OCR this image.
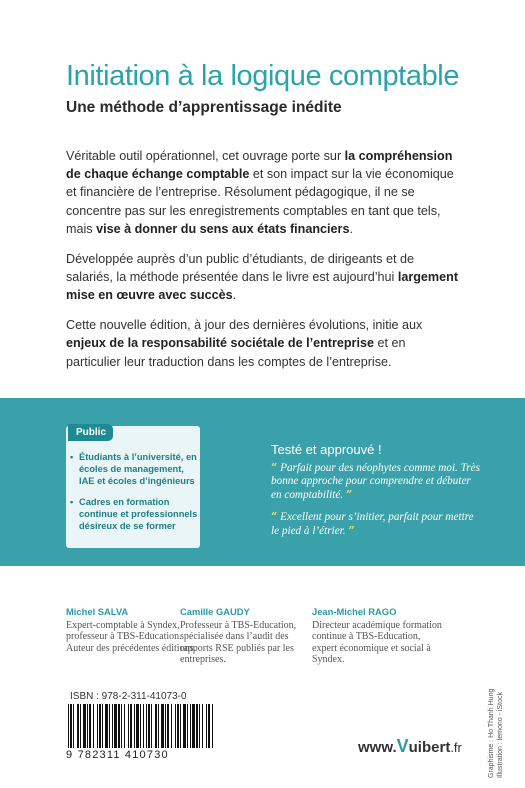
Initiation à la logique comptable
Une méthode d’apprentissage inédite

Véritable outil opérationnel, cet ouvrage porte sur la compréhension de chaque échange comptable et son impact sur la vie économique et financière de l’entreprise. Résolument pédagogique, il ne se concentre pas sur les enregistrements comptables en tant que tels, mais vise à donner du sens aux états financiers.

Développée auprès d’un public d’étudiants, de dirigeants et de salariés, la méthode présentée dans le livre est aujourd’hui largement mise en œuvre avec succès.

Cette nouvelle édition, à jour des dernières évolutions, initie aux enjeux de la responsabilité sociétale de l’entreprise et en particulier leur traduction dans les comptes de l’entreprise.

Public
• Étudiants à l’université, en écoles de management, IAE et écoles d’ingénieurs
• Cadres en formation continue et professionnels désireux de se former
Testé et approuvé !
“ Parfait pour des néophytes comme moi. Très bonne approche pour comprendre et débuter en comptabilité. ”
“ Excellent pour s’initier, parfait pour mettre le pied à l’étrier. ”
Michel SALVA
Expert-comptable à Syndex, professeur à TBS-Education. Auteur des précédentes éditions.
Camille GAUDY
Professeur à TBS-Education, spécialisée dans l’audit des rapports RSE publiés par les entreprises.
Jean-Michel RAGO
Directeur académique formation continue à TBS-Education, expert économique et social à Syndex.
ISBN : 978-2-311-41073-0
9 782311 410730	www.Vuibert.fr	Graphisme : Ho Thanh Hung Illustration : lemono - iStock
